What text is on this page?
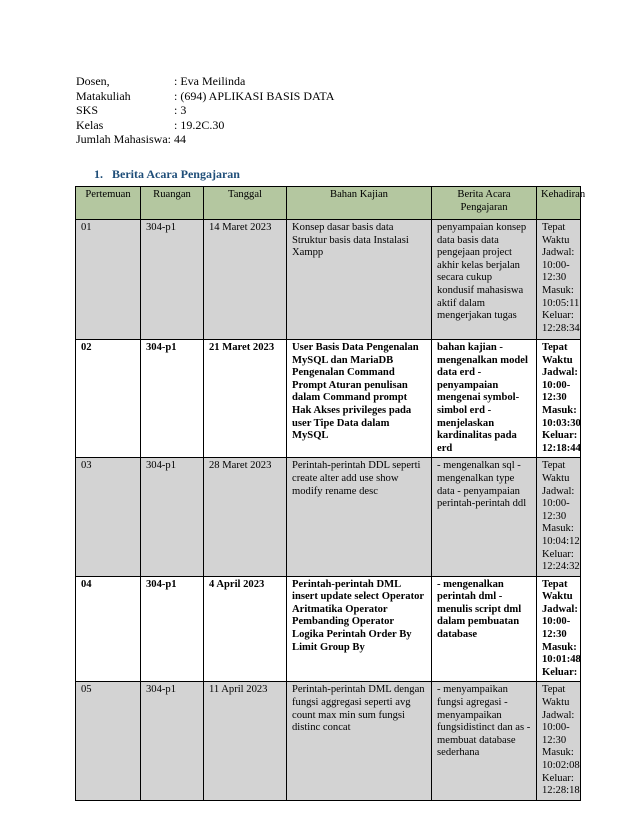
Dosen,	: Eva Meilinda
Matakuliah	: (694) APLIKASI BASIS DATA
SKS	: 3
Kelas	: 19.2C.30
Jumlah Mahasiswa : 44
1. Berita Acara Pengajaran
Pertemuan	Ruangan	Tanggal	Bahan Kajian	Berita Acara Pengajaran	Kehadiran
01	304-p1	14 Maret 2023	Konsep dasar basis data Struktur basis data Instalasi Xampp	penyampaian konsep data basis data pengejaan project akhir kelas berjalan secara cukup kondusif mahasiswa aktif dalam mengerjakan tugas	Tepat Waktu Jadwal: 10:00-12:30 Masuk: 10:05:11 Keluar: 12:28:34
02	304-p1	21 Maret 2023	User Basis Data Pengenalan MySQL dan MariaDB Pengenalan Command Prompt Aturan penulisan dalam Command prompt Hak Akses privileges pada user Tipe Data dalam MySQL	bahan kajian - mengenalkan model data erd - penyampaian mengenai symbol-simbol erd - menjelaskan kardinalitas pada erd	Tepat Waktu Jadwal: 10:00-12:30 Masuk: 10:03:30 Keluar: 12:18:44
03	304-p1	28 Maret 2023	Perintah-perintah DDL seperti create alter add use show modify rename desc	- mengenalkan sql - mengenalkan type data - penyampaian perintah-perintah ddl	Tepat Waktu Jadwal: 10:00-12:30 Masuk: 10:04:12 Keluar: 12:24:32
04	304-p1	4 April 2023	Perintah-perintah DML insert update select Operator Aritmatika Operator Pembanding Operator Logika Perintah Order By Limit Group By	- mengenalkan perintah dml - menulis script dml dalam pembuatan database	Tepat Waktu Jadwal: 10:00-12:30 Masuk: 10:01:48 Keluar:
05	304-p1	11 April 2023	Perintah-perintah DML dengan fungsi aggregasi seperti avg count max min sum fungsi distinc concat	- menyampaikan fungsi agregasi - menyampaikan fungsidistinct dan as - membuat database sederhana	Tepat Waktu Jadwal: 10:00-12:30 Masuk: 10:02:08 Keluar: 12:28:18
